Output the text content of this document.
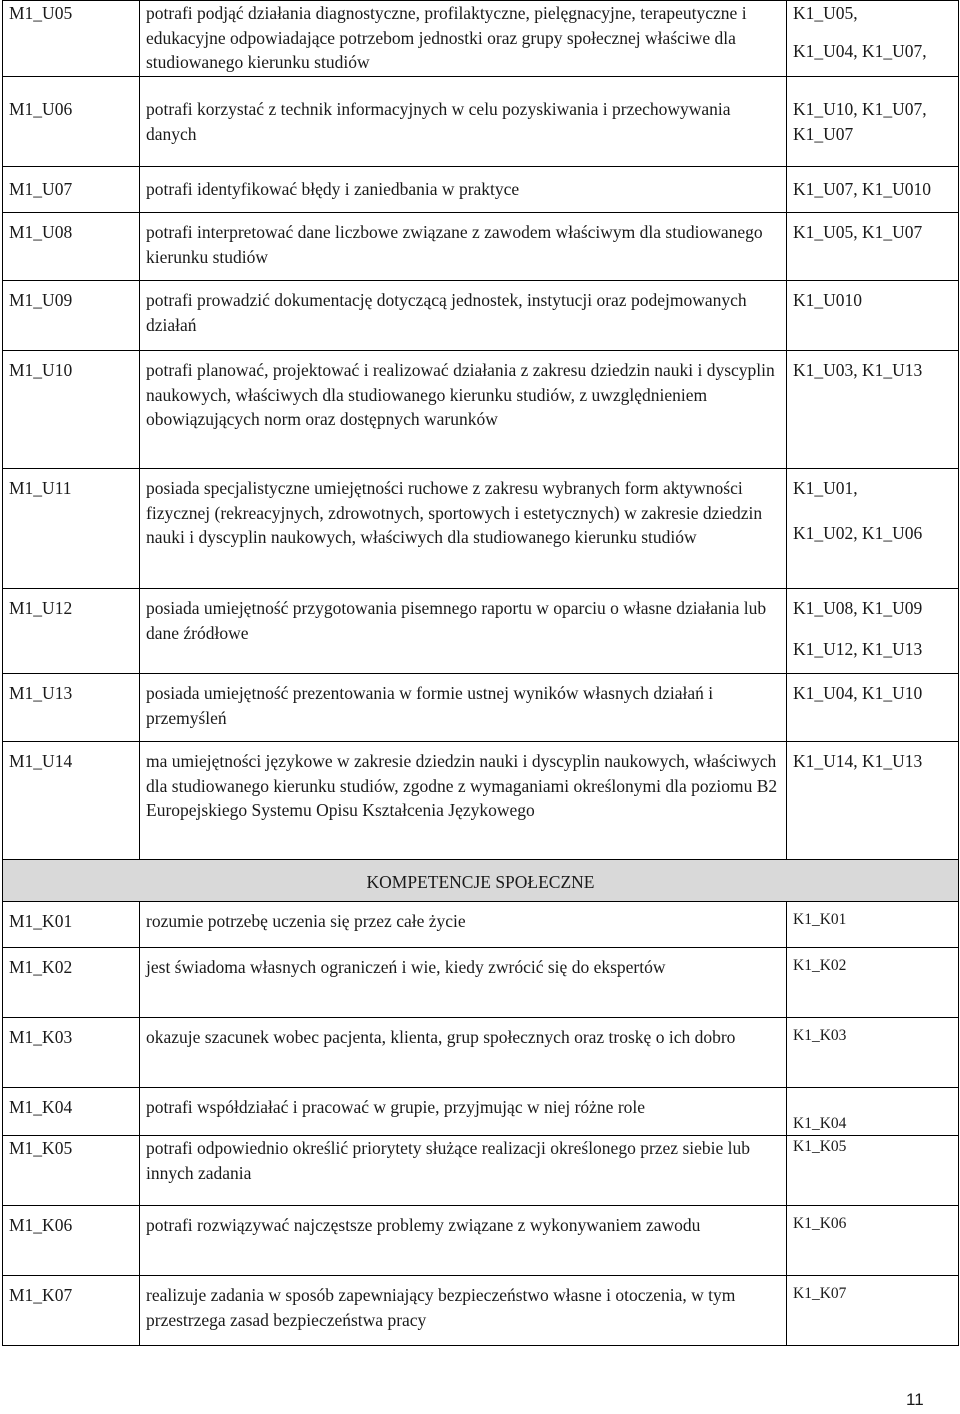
M1_U05	potrafi podjąć działania diagnostyczne, profilaktyczne, pielęgnacyjne, terapeutyczne i edukacyjne odpowiadające potrzebom jednostki oraz grupy społecznej właściwe dla studiowanego kierunku studiów	K1_U05,
K1_U04, K1_U07,

M1_U06	potrafi korzystać z technik informacyjnych w celu pozyskiwania i przechowywania danych	K1_U10, K1_U07,
K1_U07

M1_U07	potrafi identyfikować błędy i zaniedbania w praktyce	K1_U07, K1_U010

M1_U08	potrafi interpretować dane liczbowe związane z zawodem właściwym dla studiowanego kierunku studiów	K1_U05, K1_U07

M1_U09	potrafi prowadzić dokumentację dotyczącą jednostek, instytucji oraz podejmowanych działań	K1_U010

M1_U10	potrafi planować, projektować i realizować działania z zakresu dziedzin nauki i dyscyplin naukowych, właściwych dla studiowanego kierunku studiów, z uwzględnieniem obowiązujących norm oraz dostępnych warunków	K1_U03, K1_U13

M1_U11	posiada specjalistyczne umiejętności ruchowe z zakresu wybranych form aktywności fizycznej (rekreacyjnych, zdrowotnych, sportowych i estetycznych) w zakresie dziedzin nauki i dyscyplin naukowych, właściwych dla studiowanego kierunku studiów	K1_U01,
K1_U02, K1_U06

M1_U12	posiada umiejętność przygotowania pisemnego raportu w oparciu o własne działania lub dane źródłowe	K1_U08, K1_U09
K1_U12, K1_U13

M1_U13	posiada umiejętność prezentowania w formie ustnej wyników własnych działań i przemyśleń	K1_U04, K1_U10

M1_U14	ma umiejętności językowe w zakresie dziedzin nauki i dyscyplin naukowych, właściwych dla studiowanego kierunku studiów, zgodne z wymaganiami określonymi dla poziomu B2 Europejskiego Systemu Opisu Kształcenia Językowego	K1_U14, K1_U13

KOMPETENCJE SPOŁECZNE		
M1_K01	rozumie potrzebę uczenia się przez całe życie	K1_K01

M1_K02	jest świadoma własnych ograniczeń i wie, kiedy zwrócić się do ekspertów	K1_K02

M1_K03	okazuje szacunek wobec pacjenta, klienta, grup społecznych oraz troskę o ich dobro	K1_K03

M1_K04	potrafi współdziałać i pracować w grupie, przyjmując w niej różne role	K1_K04

M1_K05	potrafi odpowiednio określić priorytety służące realizacji określonego przez siebie lub innych zadania	K1_K05

M1_K06	potrafi rozwiązywać najczęstsze problemy związane z wykonywaniem zawodu	K1_K06

M1_K07	realizuje zadania w sposób zapewniający bezpieczeństwo własne i otoczenia, w tym przestrzega zasad bezpieczeństwa pracy	K1_K07
11
